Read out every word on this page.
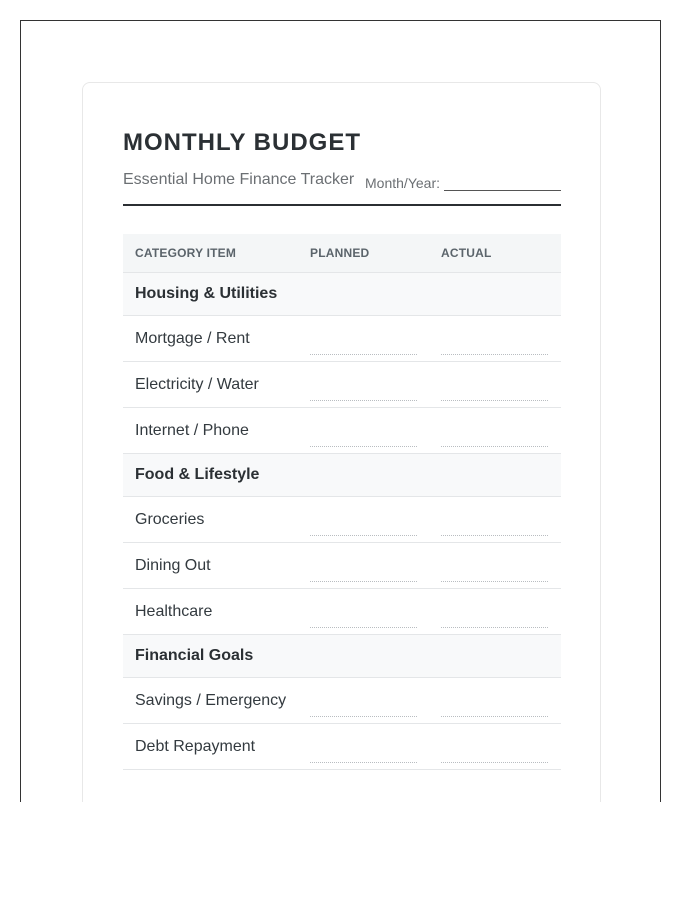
MONTHLY BUDGET
Essential Home Finance Tracker Month/Year:
CATEGORY ITEM	PLANNED	ACTUAL
Housing & Utilities		
Mortgage / Rent	

Electricity / Water	

Internet / Phone	

Food & Lifestyle		
Groceries	

Dining Out	

Healthcare	

Financial Goals		
Savings / Emergency	

Debt Repayment	
